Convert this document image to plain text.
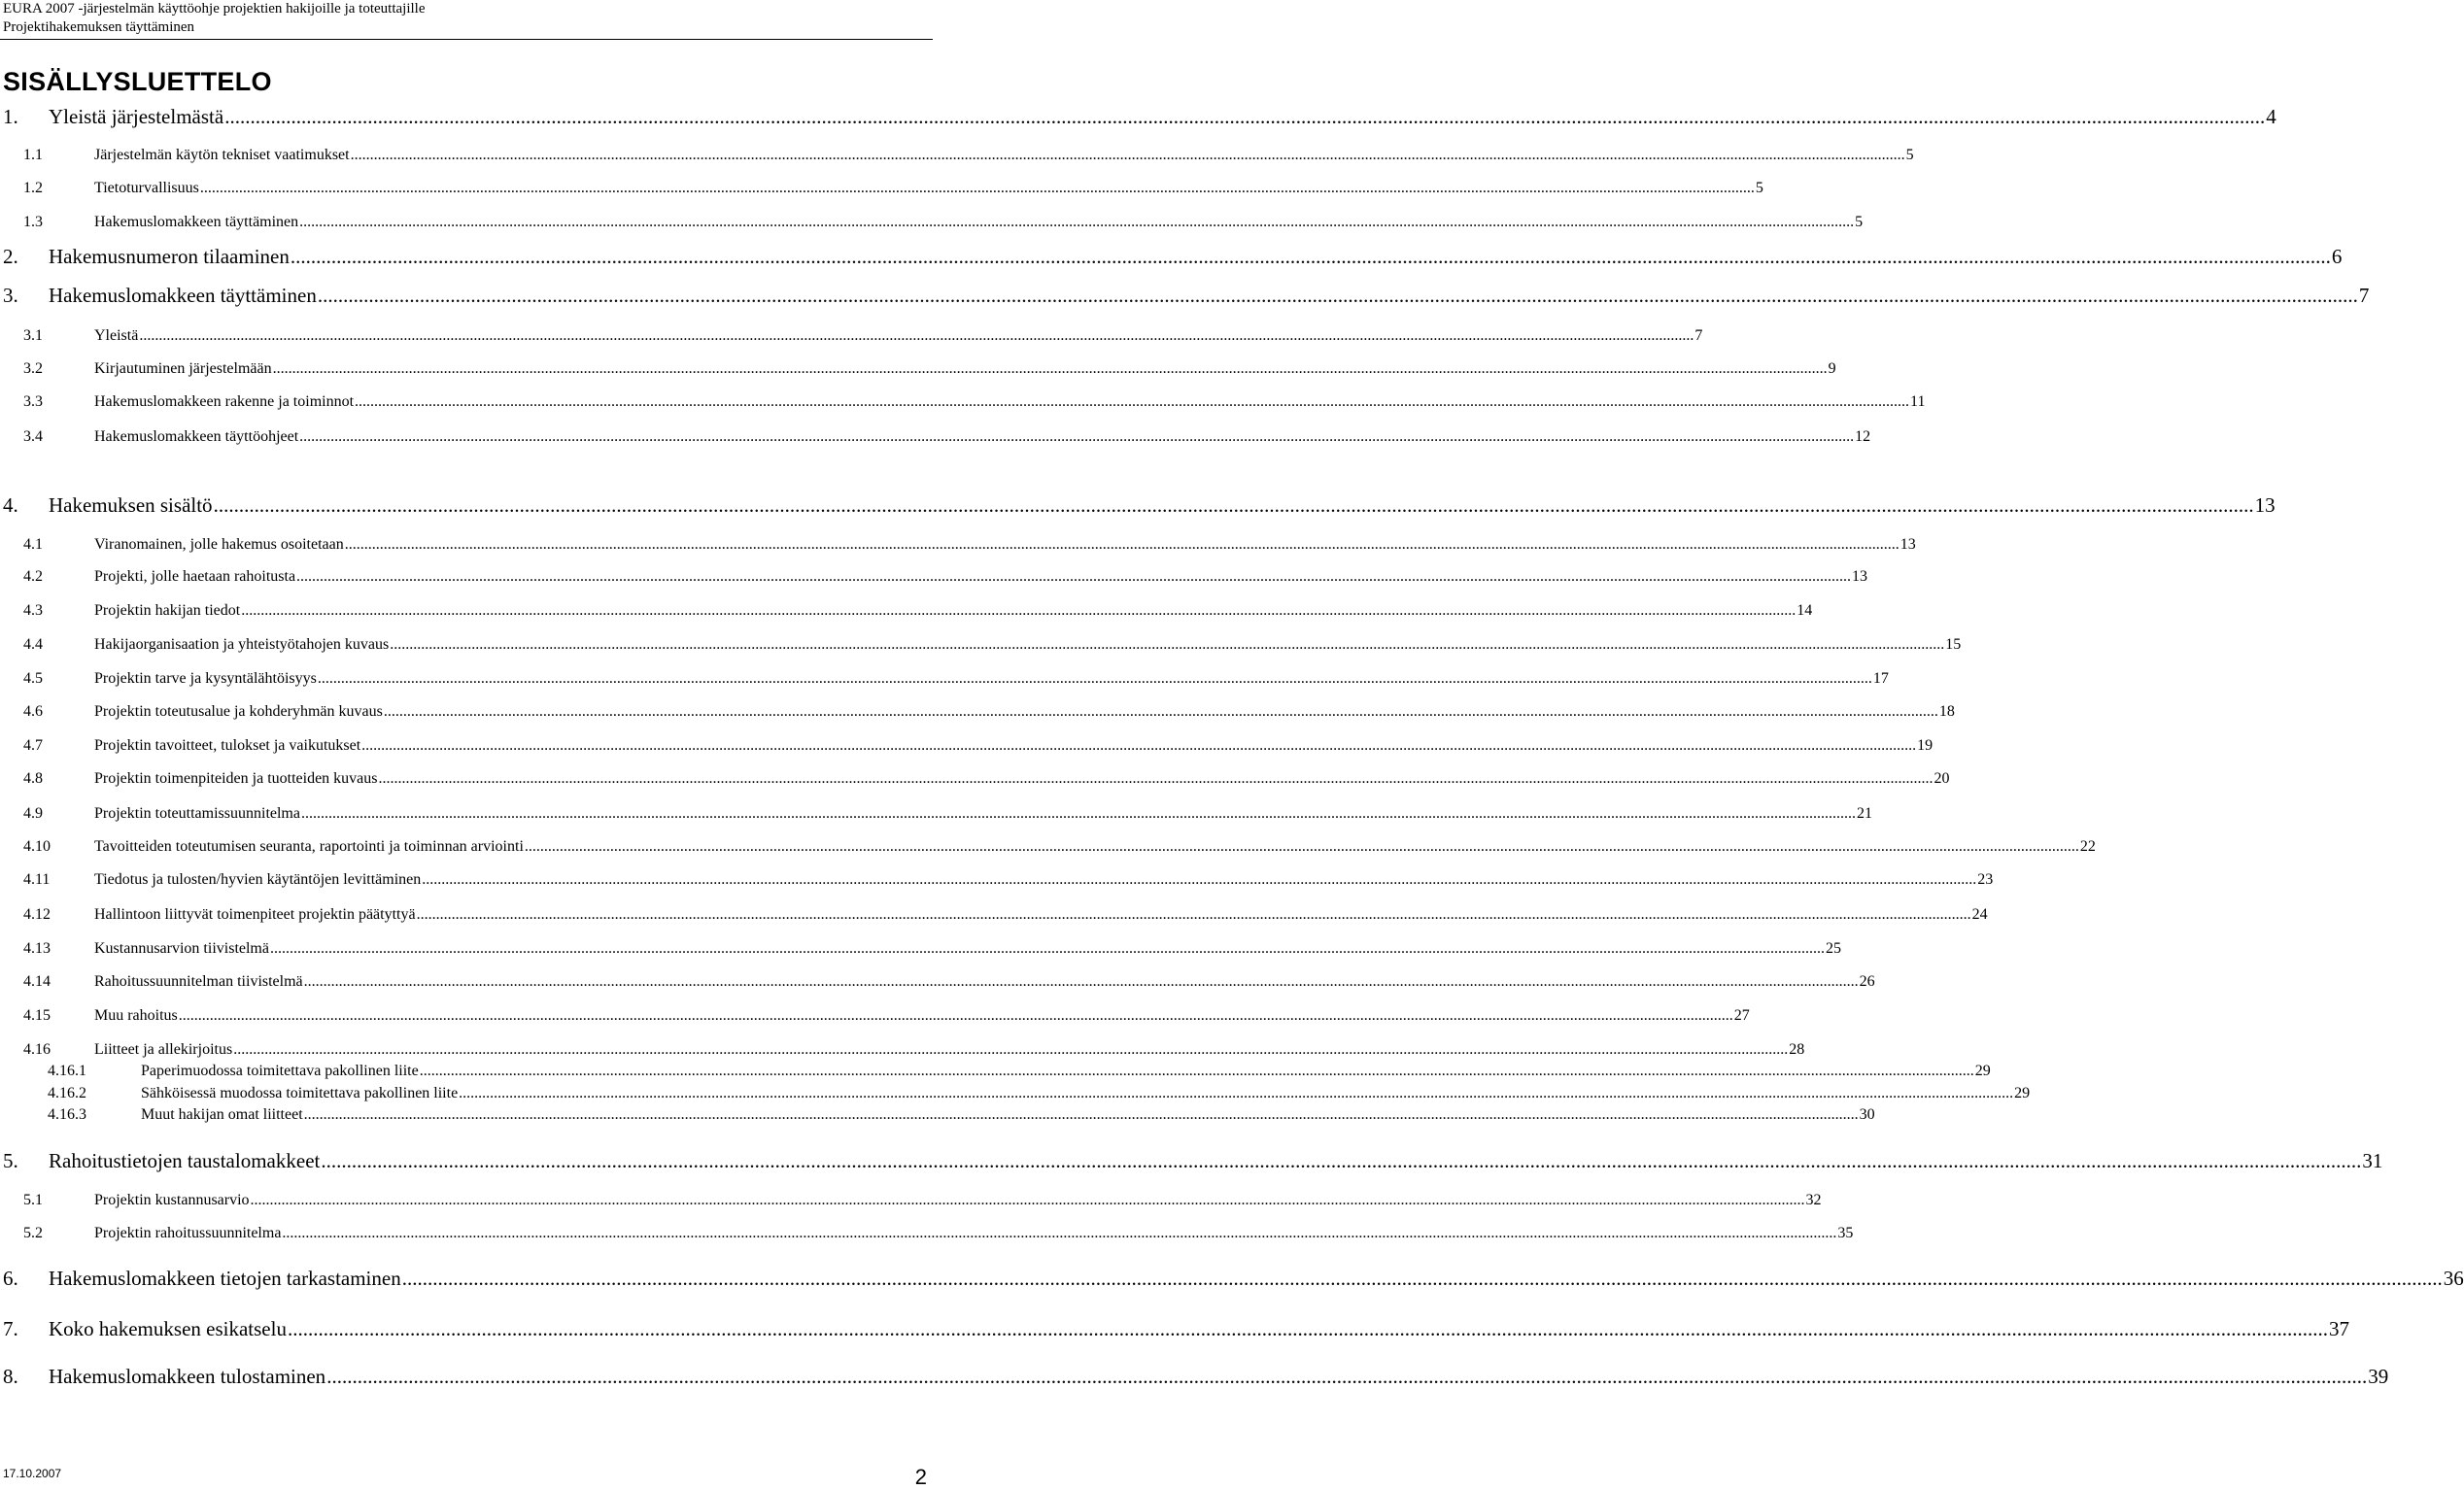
EURA 2007 -järjestelmän käyttöohje projektien hakijoille ja toteuttajille
Projektihakemuksen täyttäminen
SISÄLLYSLUETTELO
1. Yleistä järjestelmästä ................................................................................................................................................................................................................................................................................................................................................................................................................ 4
1.1	Järjestelmän käytön tekniset vaatimukset ................................................................................................................................................................................................................................................................................................................................................................................................................ 5
1.2	Tietoturvallisuus ................................................................................................................................................................................................................................................................................................................................................................................................................ 5
1.3	Hakemuslomakkeen täyttäminen ................................................................................................................................................................................................................................................................................................................................................................................................................ 5
2. Hakemusnumeron tilaaminen ................................................................................................................................................................................................................................................................................................................................................................................................................ 6
3. Hakemuslomakkeen täyttäminen ................................................................................................................................................................................................................................................................................................................................................................................................................ 7
3.1	Yleistä ................................................................................................................................................................................................................................................................................................................................................................................................................ 7
3.2	Kirjautuminen järjestelmään ................................................................................................................................................................................................................................................................................................................................................................................................................ 9
3.3	Hakemuslomakkeen rakenne ja toiminnot ................................................................................................................................................................................................................................................................................................................................................................................................................ 11
3.4	Hakemuslomakkeen täyttöohjeet ................................................................................................................................................................................................................................................................................................................................................................................................................ 12
4. Hakemuksen sisältö ................................................................................................................................................................................................................................................................................................................................................................................................................ 13
4.1	Viranomainen, jolle hakemus osoitetaan ................................................................................................................................................................................................................................................................................................................................................................................................................ 13
4.2	Projekti, jolle haetaan rahoitusta ................................................................................................................................................................................................................................................................................................................................................................................................................ 13
4.3	Projektin hakijan tiedot ................................................................................................................................................................................................................................................................................................................................................................................................................ 14
4.4	Hakijaorganisaation ja yhteistyötahojen kuvaus ................................................................................................................................................................................................................................................................................................................................................................................................................ 15
4.5	Projektin tarve ja kysyntälähtöisyys ................................................................................................................................................................................................................................................................................................................................................................................................................ 17
4.6	Projektin toteutusalue ja kohderyhmän kuvaus ................................................................................................................................................................................................................................................................................................................................................................................................................ 18
4.7	Projektin tavoitteet, tulokset ja vaikutukset ................................................................................................................................................................................................................................................................................................................................................................................................................ 19
4.8	Projektin toimenpiteiden ja tuotteiden kuvaus ................................................................................................................................................................................................................................................................................................................................................................................................................ 20
4.9	Projektin toteuttamissuunnitelma ................................................................................................................................................................................................................................................................................................................................................................................................................ 21
4.10	Tavoitteiden toteutumisen seuranta, raportointi ja toiminnan arviointi ................................................................................................................................................................................................................................................................................................................................................................................................................ 22
4.11	Tiedotus ja tulosten/hyvien käytäntöjen levittäminen ................................................................................................................................................................................................................................................................................................................................................................................................................ 23
4.12	Hallintoon liittyvät toimenpiteet projektin päätyttyä ................................................................................................................................................................................................................................................................................................................................................................................................................ 24
4.13	Kustannusarvion tiivistelmä ................................................................................................................................................................................................................................................................................................................................................................................................................ 25
4.14	Rahoitussuunnitelman tiivistelmä ................................................................................................................................................................................................................................................................................................................................................................................................................ 26
4.15	Muu rahoitus ................................................................................................................................................................................................................................................................................................................................................................................................................ 27
4.16	Liitteet ja allekirjoitus ................................................................................................................................................................................................................................................................................................................................................................................................................ 28
4.16.1	Paperimuodossa toimitettava pakollinen liite ................................................................................................................................................................................................................................................................................................................................................................................................................ 29
4.16.2	Sähköisessä muodossa toimitettava pakollinen liite ................................................................................................................................................................................................................................................................................................................................................................................................................ 29
4.16.3	Muut hakijan omat liitteet ................................................................................................................................................................................................................................................................................................................................................................................................................ 30
5. Rahoitustietojen taustalomakkeet ................................................................................................................................................................................................................................................................................................................................................................................................................ 31
5.1	Projektin kustannusarvio ................................................................................................................................................................................................................................................................................................................................................................................................................ 32
5.2	Projektin rahoitussuunnitelma ................................................................................................................................................................................................................................................................................................................................................................................................................ 35
6. Hakemuslomakkeen tietojen tarkastaminen ................................................................................................................................................................................................................................................................................................................................................................................................................ 36
7. Koko hakemuksen esikatselu ................................................................................................................................................................................................................................................................................................................................................................................................................ 37
8. Hakemuslomakkeen tulostaminen ................................................................................................................................................................................................................................................................................................................................................................................................................ 39
17.10.2007	2
